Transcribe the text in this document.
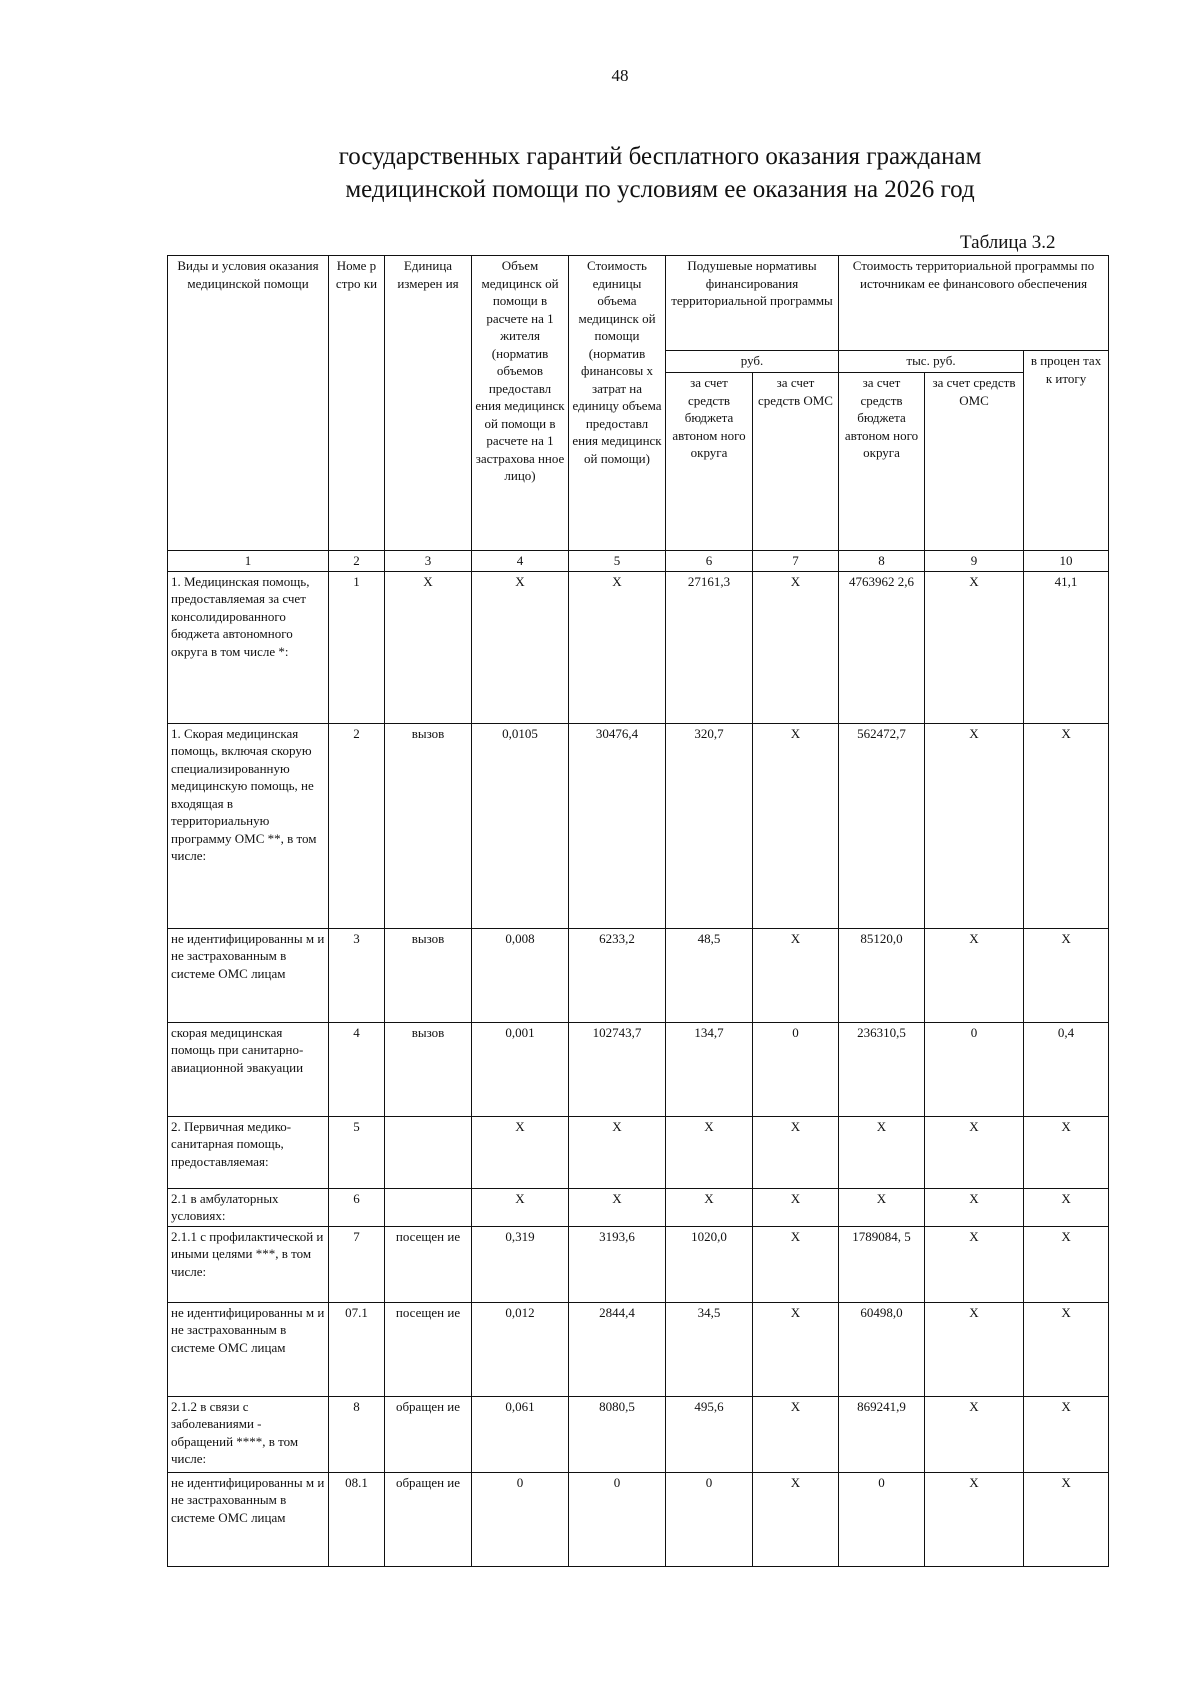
48
государственных гарантий бесплатного оказания гражданам
медицинской помощи по условиям ее оказания на 2026 год
Таблица 3.2
Виды и условия оказания медицинской помощи	Номе р стро ки	Единица измерен ия	Объем медицинск ой помощи в расчете на 1 жителя (норматив объемов предоставл ения медицинск ой помощи в расчете на 1 застрахова нное лицо)	Стоимость единицы объема медицинск ой помощи (норматив финансовы х затрат на единицу объема предоставл ения медицинск ой помощи)	Подушевые нормативы финансирования территориальной программы		Стоимость территориальной программы по источникам ее финансового обеспечения		
					руб.		тыс. руб.		в процен тах к итогу
					за счет средств бюджета автоном ного округа	за счет средств ОМС	за счет средств бюджета автоном ного округа	за счет средств ОМС	
1	2	3	4	5	6	7	8	9	10
1. Медицинская помощь, предоставляемая за счет консолидированного бюджета автономного округа в том числе *:	1	X	X	X	27161,3	X	4763962 2,6	X	41,1
1. Скорая медицинская помощь, включая скорую специализированную медицинскую помощь, не входящая в территориальную программу ОМС **, в том числе:	2	вызов	0,0105	30476,4	320,7	X	562472,7	X	X
не идентифицированны м и не застрахованным в системе ОМС лицам	3	вызов	0,008	6233,2	48,5	X	85120,0	X	X
скорая медицинская помощь при санитарно-авиационной эвакуации	4	вызов	0,001	102743,7	134,7	0	236310,5	0	0,4
2. Первичная медико-санитарная помощь, предоставляемая:	5		X	X	X	X	X	X	X
2.1 в амбулаторных условиях:	6		X	X	X	X	X	X	X
2.1.1 с профилактической и иными целями ***, в том числе:	7	посещен ие	0,319	3193,6	1020,0	X	1789084, 5	X	X
не идентифицированны м и не застрахованным в системе ОМС лицам	07.1	посещен ие	0,012	2844,4	34,5	X	60498,0	X	X
2.1.2 в связи с заболеваниями - обращений ****, в том числе:	8	обращен ие	0,061	8080,5	495,6	X	869241,9	X	X
не идентифицированны м и не застрахованным в системе ОМС лицам	08.1	обращен ие	0	0	0	X	0	X	X
